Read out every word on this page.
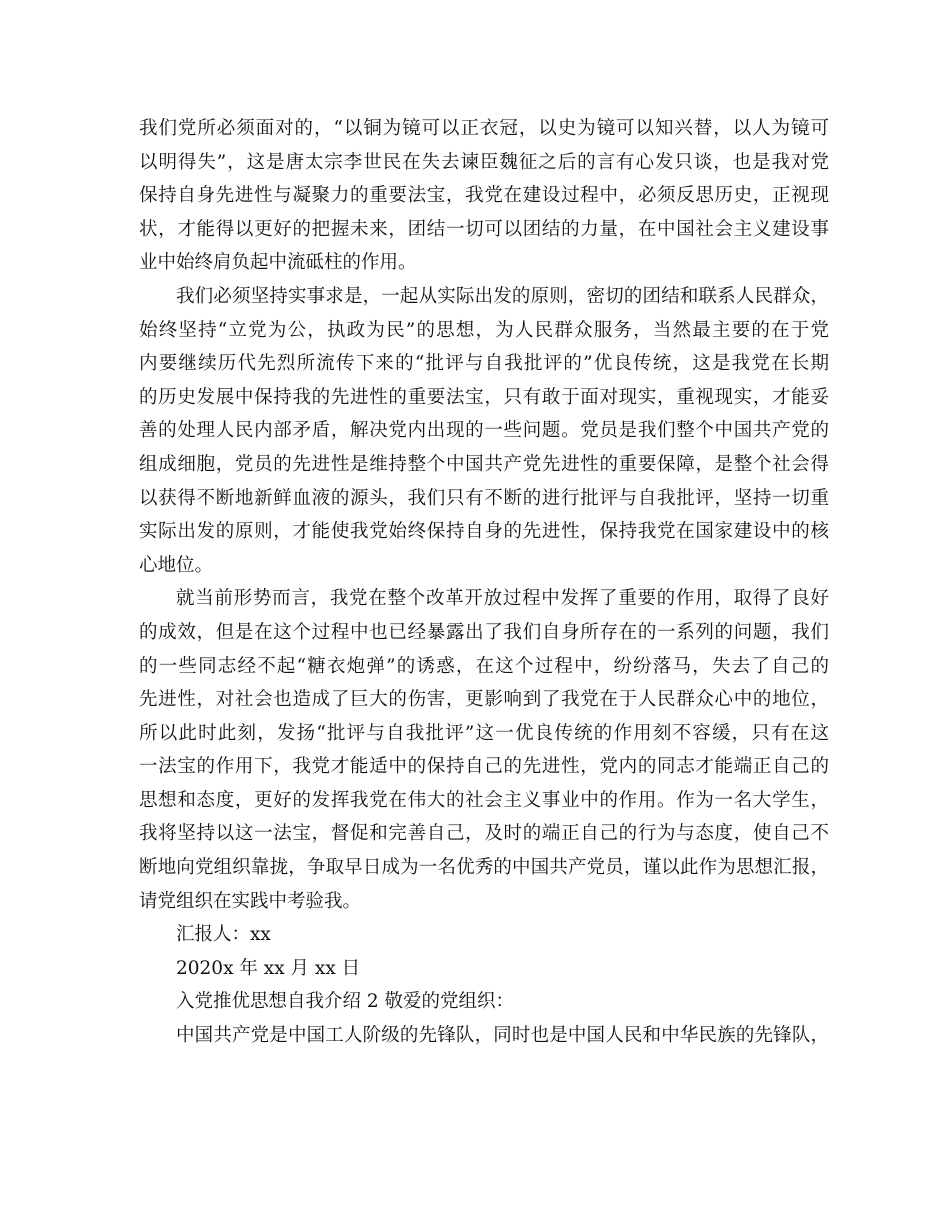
我们党所必须面对的，“以铜为镜可以正衣冠，以史为镜可以知兴替，以人为镜可
以明得失”，这是唐太宗李世民在失去谏臣魏征之后的言有心发只谈，也是我对党
保持自身先进性与凝聚力的重要法宝，我党在建设过程中，必须反思历史，正视现
状，才能得以更好的把握未来，团结一切可以团结的力量，在中国社会主义建设事
业中始终肩负起中流砥柱的作用。
我们必须坚持实事求是，一起从实际出发的原则，密切的团结和联系人民群众，
始终坚持“立党为公，执政为民”的思想，为人民群众服务，当然最主要的在于党
内要继续历代先烈所流传下来的“批评与自我批评的”优良传统，这是我党在长期
的历史发展中保持我的先进性的重要法宝，只有敢于面对现实，重视现实，才能妥
善的处理人民内部矛盾，解决党内出现的一些问题。党员是我们整个中国共产党的
组成细胞，党员的先进性是维持整个中国共产党先进性的重要保障，是整个社会得
以获得不断地新鲜血液的源头，我们只有不断的进行批评与自我批评，坚持一切重
实际出发的原则，才能使我党始终保持自身的先进性，保持我党在国家建设中的核
心地位。
就当前形势而言，我党在整个改革开放过程中发挥了重要的作用，取得了良好
的成效，但是在这个过程中也已经暴露出了我们自身所存在的一系列的问题，我们
的一些同志经不起“糖衣炮弹”的诱惑，在这个过程中，纷纷落马，失去了自己的
先进性，对社会也造成了巨大的伤害，更影响到了我党在于人民群众心中的地位，
所以此时此刻，发扬“批评与自我批评”这一优良传统的作用刻不容缓，只有在这
一法宝的作用下，我党才能适中的保持自己的先进性，党内的同志才能端正自己的
思想和态度，更好的发挥我党在伟大的社会主义事业中的作用。作为一名大学生，
我将坚持以这一法宝，督促和完善自己，及时的端正自己的行为与态度，使自己不
断地向党组织靠拢，争取早日成为一名优秀的中国共产党员，谨以此作为思想汇报，
请党组织在实践中考验我。
汇报人：xx
2020x 年 xx 月 xx 日
入党推优思想自我介绍 2 敬爱的党组织：
中国共产党是中国工人阶级的先锋队，同时也是中国人民和中华民族的先锋队，
